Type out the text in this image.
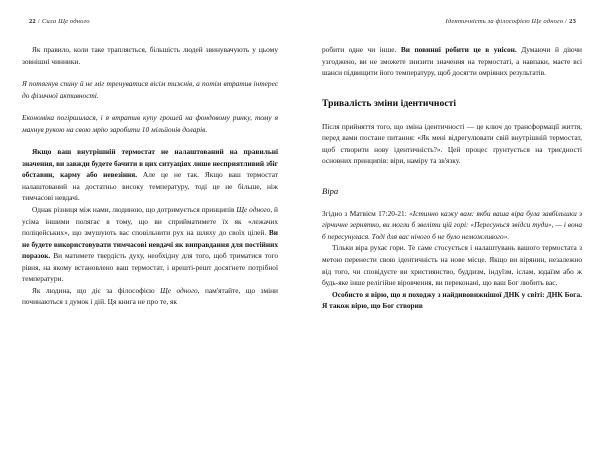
22 / Сила Ще одного

Як правило, коли таке трапляється, більшість людей звинувачують у цьому зовнішні чинники.

Я потягнув спину й не міг тренуватися вісім тижнів, а потім втратив інтерес до фізичної активності.

Економіка погіршилася, і я втратив купу грошей на фондовому ринку, тому я махнув рукою на свою мрію заробити 10 мільйонів доларів.

Якщо ваш внутрішній термостат не налаштований на правильні значення, ви завжди будете бачити в цих ситуаціях лише несприятливий збіг обставин, карму або невезіння. Але це не так. Якщо ваш термостат налаштований на достатньо високу температуру, тоді це не більше, ніж тимчасові невдачі.

Однак різниця між нами, людиною, що дотримується принципів Ще одного, й усіма іншими полягає в тому, що ви сприйматимете їх як «лежачих поліцейських», що змушують вас сповільнити рух на шляху до своїх цілей. Ви не будете використовувати тимчасові невдачі як виправдання для постійних поразок. Ви матимете твердість духу, необхідну для того, щоб триматися того рівня, на якому встановлено ваш термостат, і врешті-решт досягнете потрібної температури.

Як людина, що діє за філософією Ще одного, пам'ятайте, що зміни починаються з думок і дій. Ця книга не про те, як

Ідентичність за філософією Ще одного / 23

робити одне чи інше. Ви повинні робити це в унісон. Думаючи й діючи узгоджено, ви не зможете знизити значення на термостаті, а навпаки, маєте всі шанси підвищити його температуру, щоб досягти омріяних результатів.

Тривалість зміни ідентичності

Після прийняття того, що зміна ідентичності — це ключ до трансформації життя, перед вами постане питання: «Як мені відрегулювати свій внутрішній термостат, щоб створити нову ідентичність?». Цей процес ґрунтується на триєдності основних принципів: віри, наміру та зв'язку.

Віра

Згідно з Матвієм 17:20-21: «Істинно кажу вам: якби ваша віра була завбільшки з гірчичне зернятко, ви могли б звеліти цій горі: «Пересунься звідси туди», — і вона б пересунулася. Тоді для вас нічого б не було неможливого».

Тільки віра рухає гори. Те саме стосується і налаштувань вашого термостата з метою перенести свою ідентичність на нове місце. Якщо ви вірянин, незалежно від того, чи сповідуєте ви християнство, буддизм, індуїзм, іслам, юдаїзм або ж будь-яке інше релігійне віровчення, ви переконані, що ваш Бог любить вас.

Особисто я вірю, що я походжу з найдивовижнішої ДНК у світі: ДНК Бога. Я також вірю, що Бог створив
